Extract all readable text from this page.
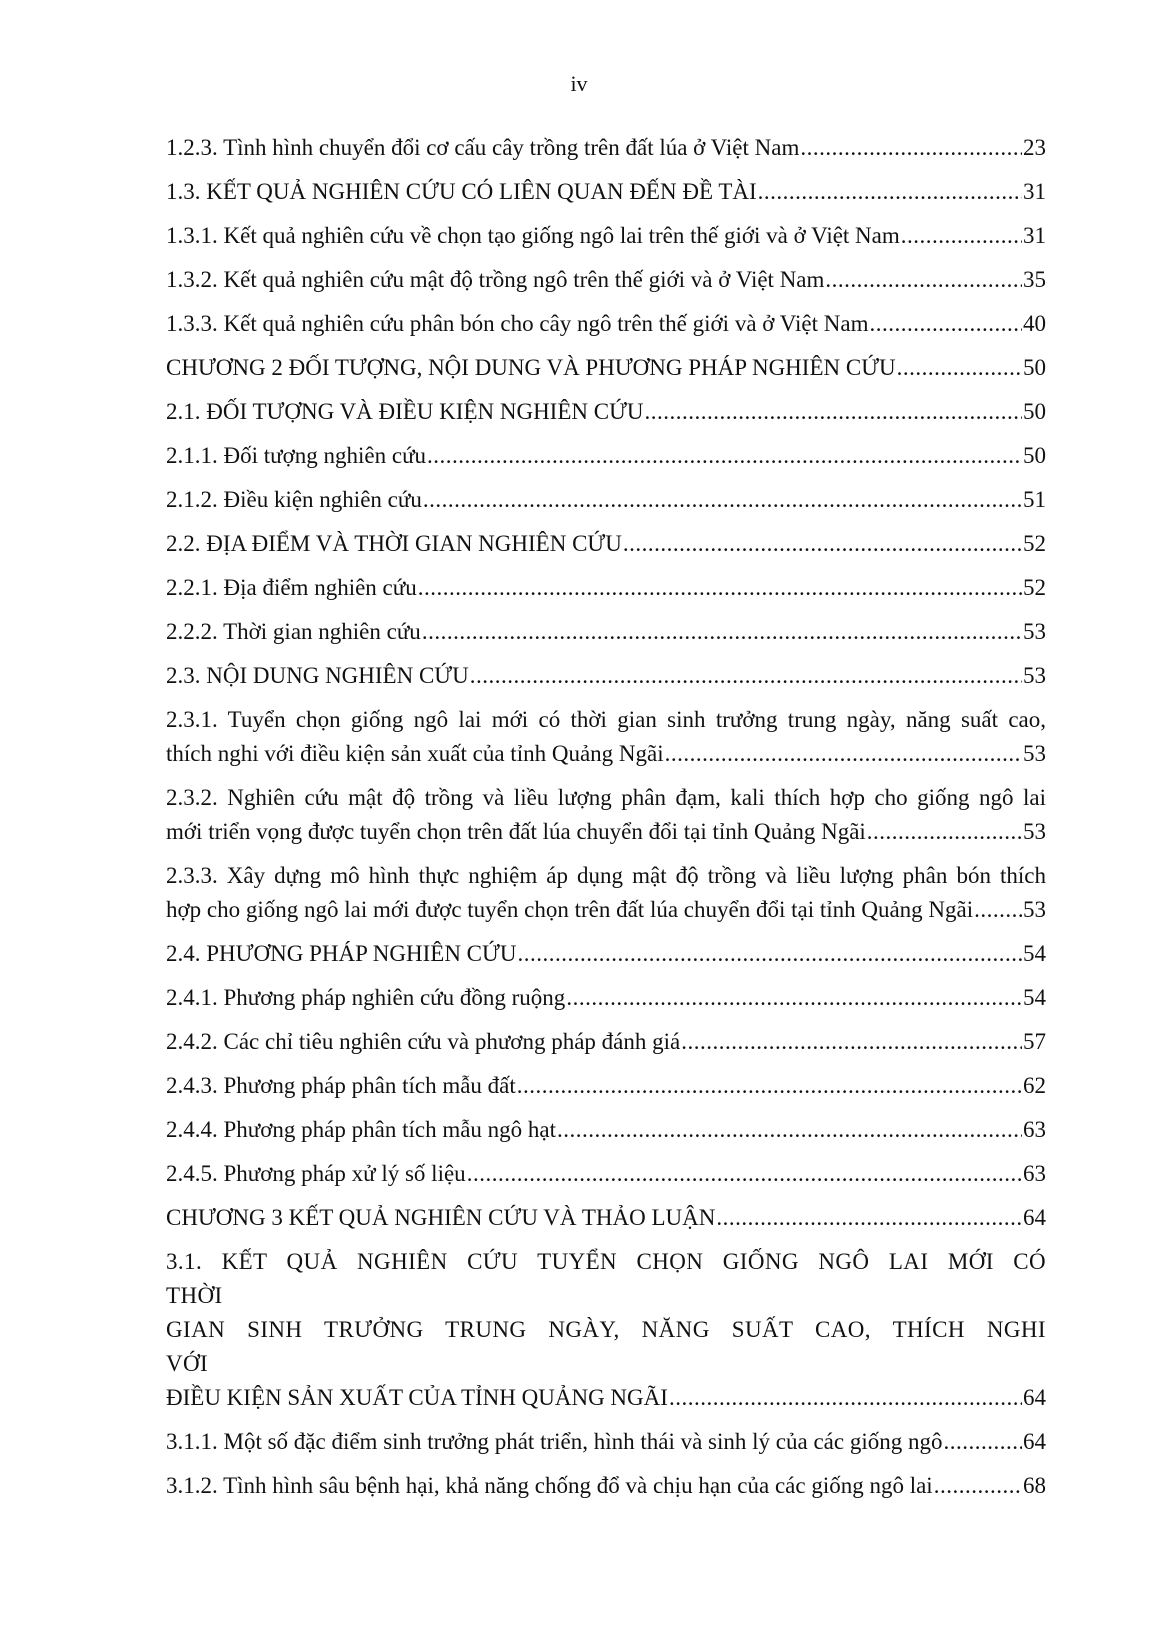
iv
1.2.3. Tình hình chuyển đổi cơ cấu cây trồng trên đất lúa ở Việt Nam .....	23
1.3. KẾT QUẢ NGHIÊN CỨU CÓ LIÊN QUAN ĐẾN ĐỀ TÀI .....	31
1.3.1. Kết quả nghiên cứu về chọn tạo giống ngô lai trên thế giới và ở Việt Nam .....	31
1.3.2. Kết quả nghiên cứu mật độ trồng ngô trên thế giới và ở Việt Nam .....	35
1.3.3. Kết quả nghiên cứu phân bón cho cây ngô trên thế giới và ở Việt Nam .....	40
CHƯƠNG 2 ĐỐI TƯỢNG, NỘI DUNG VÀ PHƯƠNG PHÁP NGHIÊN CỨU .....	50
2.1. ĐỐI TƯỢNG VÀ ĐIỀU KIỆN NGHIÊN CỨU .....	50
2.1.1. Đối tượng nghiên cứu .....	50
2.1.2. Điều kiện nghiên cứu .....	51
2.2. ĐỊA ĐIỂM VÀ THỜI GIAN NGHIÊN CỨU .....	52
2.2.1. Địa điểm nghiên cứu .....	52
2.2.2. Thời gian nghiên cứu .....	53
2.3. NỘI DUNG NGHIÊN CỨU .....	53
2.3.1. Tuyển chọn giống ngô lai mới có thời gian sinh trưởng trung ngày, năng suất cao,
thích nghi với điều kiện sản xuất của tỉnh Quảng Ngãi .....	53
2.3.2. Nghiên cứu mật độ trồng và liều lượng phân đạm, kali thích hợp cho giống ngô lai
mới triển vọng được tuyển chọn trên đất lúa chuyển đổi tại tỉnh Quảng Ngãi .....	53
2.3.3. Xây dựng mô hình thực nghiệm áp dụng mật độ trồng và liều lượng phân bón thích
hợp cho giống ngô lai mới được tuyển chọn trên đất lúa chuyển đổi tại tỉnh Quảng Ngãi ..... 53
2.4. PHƯƠNG PHÁP NGHIÊN CỨU .....	54
2.4.1. Phương pháp nghiên cứu đồng ruộng .....	54
2.4.2. Các chỉ tiêu nghiên cứu và phương pháp đánh giá .....	57
2.4.3. Phương pháp phân tích mẫu đất .....	62
2.4.4. Phương pháp phân tích mẫu ngô hạt .....	63
2.4.5. Phương pháp xử lý số liệu .....	63
CHƯƠNG 3 KẾT QUẢ NGHIÊN CỨU VÀ THẢO LUẬN .....	64
3.1. KẾT QUẢ NGHIÊN CỨU TUYỂN CHỌN GIỐNG NGÔ LAI MỚI CÓ THỜI
GIAN SINH TRƯỞNG TRUNG NGÀY, NĂNG SUẤT CAO, THÍCH NGHI VỚI
ĐIỀU KIỆN SẢN XUẤT CỦA TỈNH QUẢNG NGÃI .....	64
3.1.1. Một số đặc điểm sinh trưởng phát triển, hình thái và sinh lý của các giống ngô .....	64
3.1.2. Tình hình sâu bệnh hại, khả năng chống đổ và chịu hạn của các giống ngô lai .....	68
